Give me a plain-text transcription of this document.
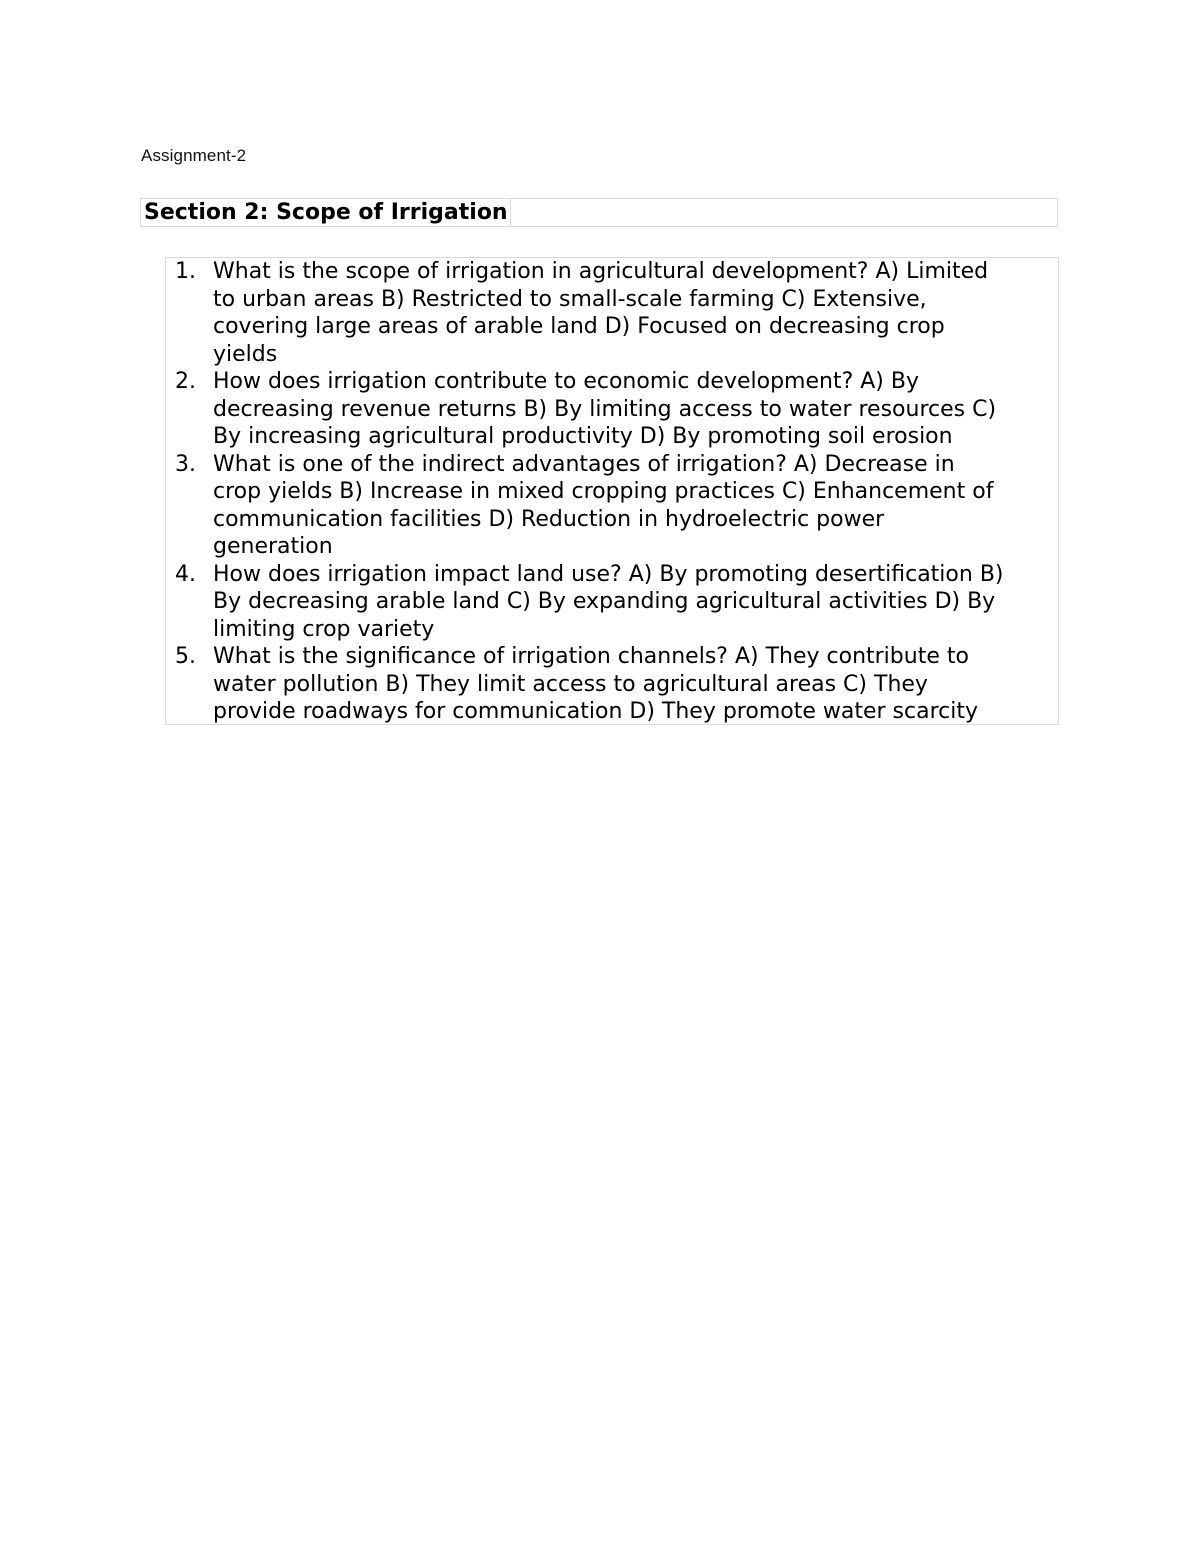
Assignment-2
Section 2: Scope of Irrigation
1. What is the scope of irrigation in agricultural development? A) Limited
to urban areas B) Restricted to small-scale farming C) Extensive,
covering large areas of arable land D) Focused on decreasing crop
yields
2. How does irrigation contribute to economic development? A) By
decreasing revenue returns B) By limiting access to water resources C)
By increasing agricultural productivity D) By promoting soil erosion
3. What is one of the indirect advantages of irrigation? A) Decrease in
crop yields B) Increase in mixed cropping practices C) Enhancement of
communication facilities D) Reduction in hydroelectric power
generation
4. How does irrigation impact land use? A) By promoting desertification B)
By decreasing arable land C) By expanding agricultural activities D) By
limiting crop variety
5. What is the significance of irrigation channels? A) They contribute to
water pollution B) They limit access to agricultural areas C) They
provide roadways for communication D) They promote water scarcity
